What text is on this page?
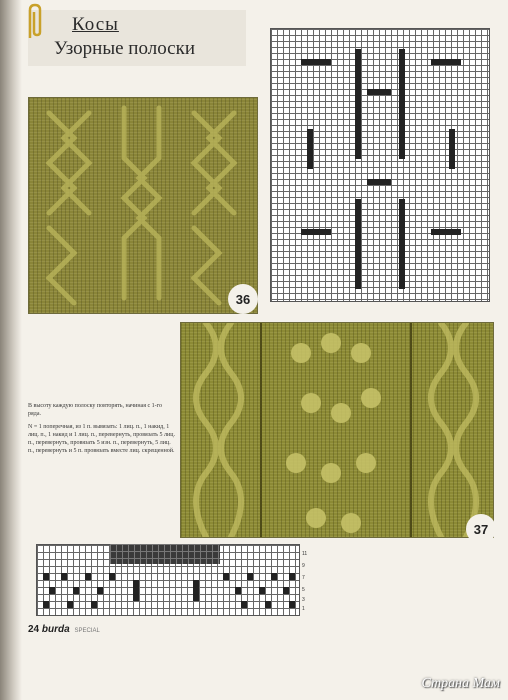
Косы
Узорные полоски
36
37

В высоту каждую полоску повторять, начиная с 1-го ряда.

N = 1 поперечная, из 1 п. вывязать: 1 лиц. п., 1 накид, 1 лиц. п., 1 накид и 1 лиц. п., перевернуть, провязать 5 лиц. п., перевернуть, провязать 5 изн. п., перевернуть, 5 лиц. п., перевернуть и 5 п. провязать вместе лиц. скрещенной.

11
9
7
5
3
1
24 burda SPECIAL
Страна Мам
